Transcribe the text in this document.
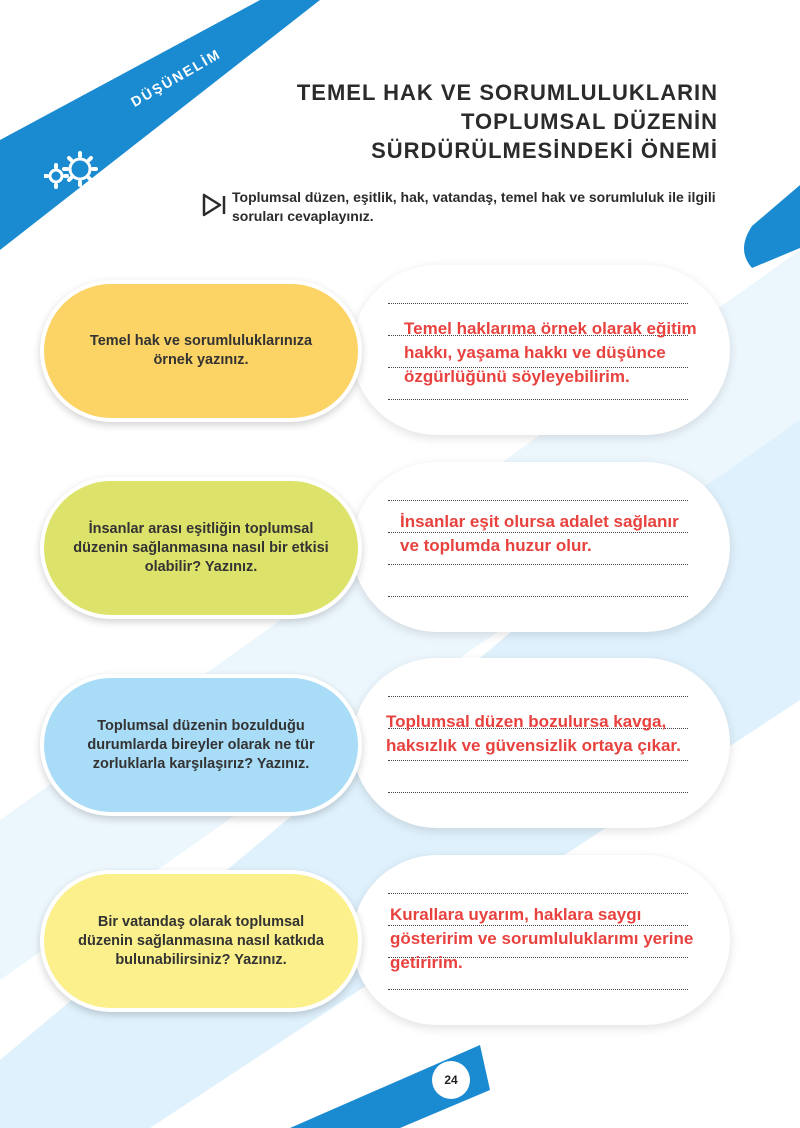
DÜŞÜNELİM	TEMEL HAK VE SORUMLULUKLARIN
TOPLUMSAL DÜZENİN
SÜRDÜRÜLMESİNDEKİ ÖNEMİ
Toplumsal düzen, eşitlik, hak, vatandaş, temel hak ve sorumluluk ile ilgili soruları cevaplayınız.
Temel haklarıma örnek olarak eğitim hakkı, yaşama hakkı ve düşünce özgürlüğünü söyleyebilirim.
Temel hak ve sorumluluklarınıza örnek yazınız.
İnsanlar eşit olursa adalet sağlanır ve toplumda huzur olur.
İnsanlar arası eşitliğin toplumsal düzenin sağlanmasına nasıl bir etkisi olabilir? Yazınız.
Toplumsal düzen bozulursa kavga, haksızlık ve güvensizlik ortaya çıkar.
Toplumsal düzenin bozulduğu durumlarda bireyler olarak ne tür zorluklarla karşılaşırız? Yazınız.
Kurallara uyarım, haklara saygı gösteririm ve sorumluluklarımı yerine getiririm.
Bir vatandaş olarak toplumsal düzenin sağlanmasına nasıl katkıda bulunabilirsiniz? Yazınız.
24
